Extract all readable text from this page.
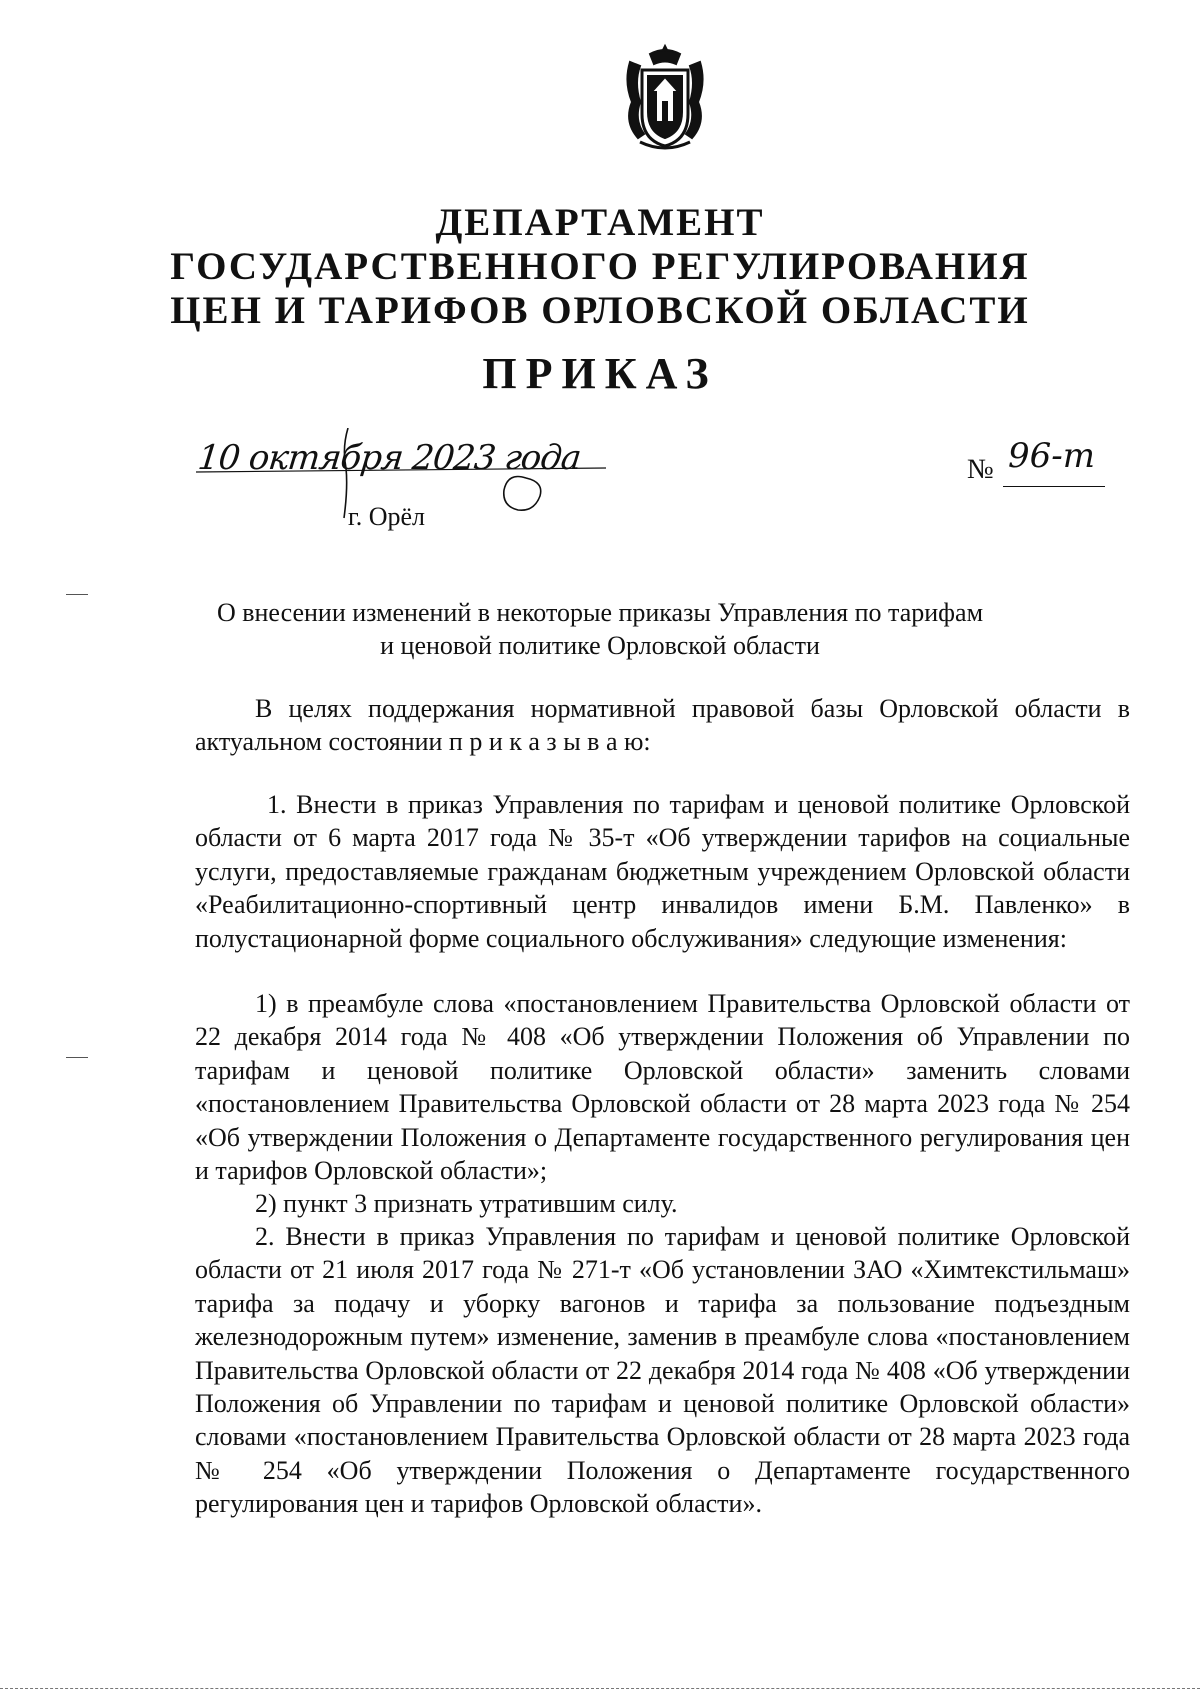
ДЕПАРТАМЕНТ
ГОСУДАРСТВЕННОГО РЕГУЛИРОВАНИЯ
ЦЕН И ТАРИФОВ ОРЛОВСКОЙ ОБЛАСТИ
ПРИКАЗ
10 октября 2023 года
г. Орёл
№ 96-т
О внесении изменений в некоторые приказы Управления по тарифам
и ценовой политике Орловской области
В целях поддержания нормативной правовой базы Орловской области в актуальном состоянии п р и к а з ы в а ю:
1. Внести в приказ Управления по тарифам и ценовой политике Орловской области от 6 марта 2017 года № 35-т «Об утверждении тарифов на социальные услуги, предоставляемые гражданам бюджетным учреждением Орловской области «Реабилитационно-спортивный центр инвалидов имени Б.М. Павленко» в полустационарной форме социального обслуживания» следующие изменения:
1) в преамбуле слова «постановлением Правительства Орловской области от 22 декабря 2014 года № 408 «Об утверждении Положения об Управлении по тарифам и ценовой политике Орловской области» заменить словами «постановлением Правительства Орловской области от 28 марта 2023 года № 254 «Об утверждении Положения о Департаменте государственного регулирования цен и тарифов Орловской области»;
2) пункт 3 признать утратившим силу.
2. Внести в приказ Управления по тарифам и ценовой политике Орловской области от 21 июля 2017 года № 271-т «Об установлении ЗАО «Химтекстильмаш» тарифа за подачу и уборку вагонов и тарифа за пользование подъездным железнодорожным путем» изменение, заменив в преамбуле слова «постановлением Правительства Орловской области от 22 декабря 2014 года № 408 «Об утверждении Положения об Управлении по тарифам и ценовой политике Орловской области» словами «постановлением Правительства Орловской области от 28 марта 2023 года № 254 «Об утверждении Положения о Департаменте государственного регулирования цен и тарифов Орловской области».
